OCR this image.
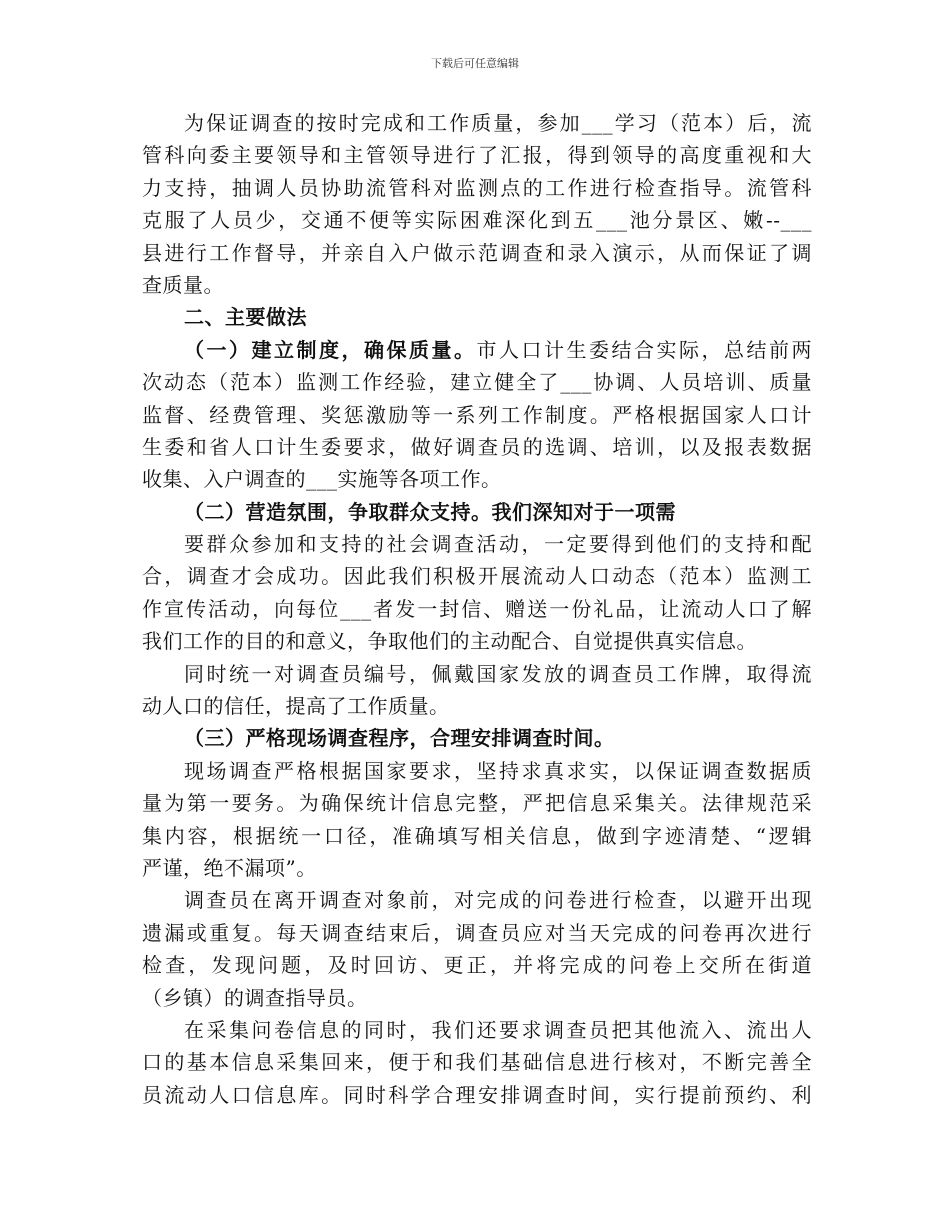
下载后可任意编辑
为保证调查的按时完成和工作质量，参加___学习（范本）后，流
管科向委主要领导和主管领导进行了汇报，得到领导的高度重视和大
力支持，抽调人员协助流管科对监测点的工作进行检查指导。流管科
克服了人员少，交通不便等实际困难深化到五___池分景区、嫩--___
县进行工作督导，并亲自入户做示范调查和录入演示，从而保证了调
查质量。
二、主要做法
（一）建立制度，确保质量。市人口计生委结合实际，总结前两
次动态（范本）监测工作经验，建立健全了___协调、人员培训、质量
监督、经费管理、奖惩激励等一系列工作制度。严格根据国家人口计
生委和省人口计生委要求，做好调查员的选调、培训，以及报表数据
收集、入户调查的___实施等各项工作。
（二）营造氛围，争取群众支持。我们深知对于一项需
要群众参加和支持的社会调查活动，一定要得到他们的支持和配
合，调查才会成功。因此我们积极开展流动人口动态（范本）监测工
作宣传活动，向每位___者发一封信、赠送一份礼品，让流动人口了解
我们工作的目的和意义，争取他们的主动配合、自觉提供真实信息。
同时统一对调查员编号，佩戴国家发放的调查员工作牌，取得流
动人口的信任，提高了工作质量。
（三）严格现场调查程序，合理安排调查时间。
现场调查严格根据国家要求，坚持求真求实，以保证调查数据质
量为第一要务。为确保统计信息完整，严把信息采集关。法律规范采
集内容，根据统一口径，准确填写相关信息，做到字迹清楚、“逻辑
严谨，绝不漏项”。
调查员在离开调查对象前，对完成的问卷进行检查，以避开出现
遗漏或重复。每天调查结束后，调查员应对当天完成的问卷再次进行
检查，发现问题，及时回访、更正，并将完成的问卷上交所在街道
（乡镇）的调查指导员。
在采集问卷信息的同时，我们还要求调查员把其他流入、流出人
口的基本信息采集回来，便于和我们基础信息进行核对，不断完善全
员流动人口信息库。同时科学合理安排调查时间，实行提前预约、利
